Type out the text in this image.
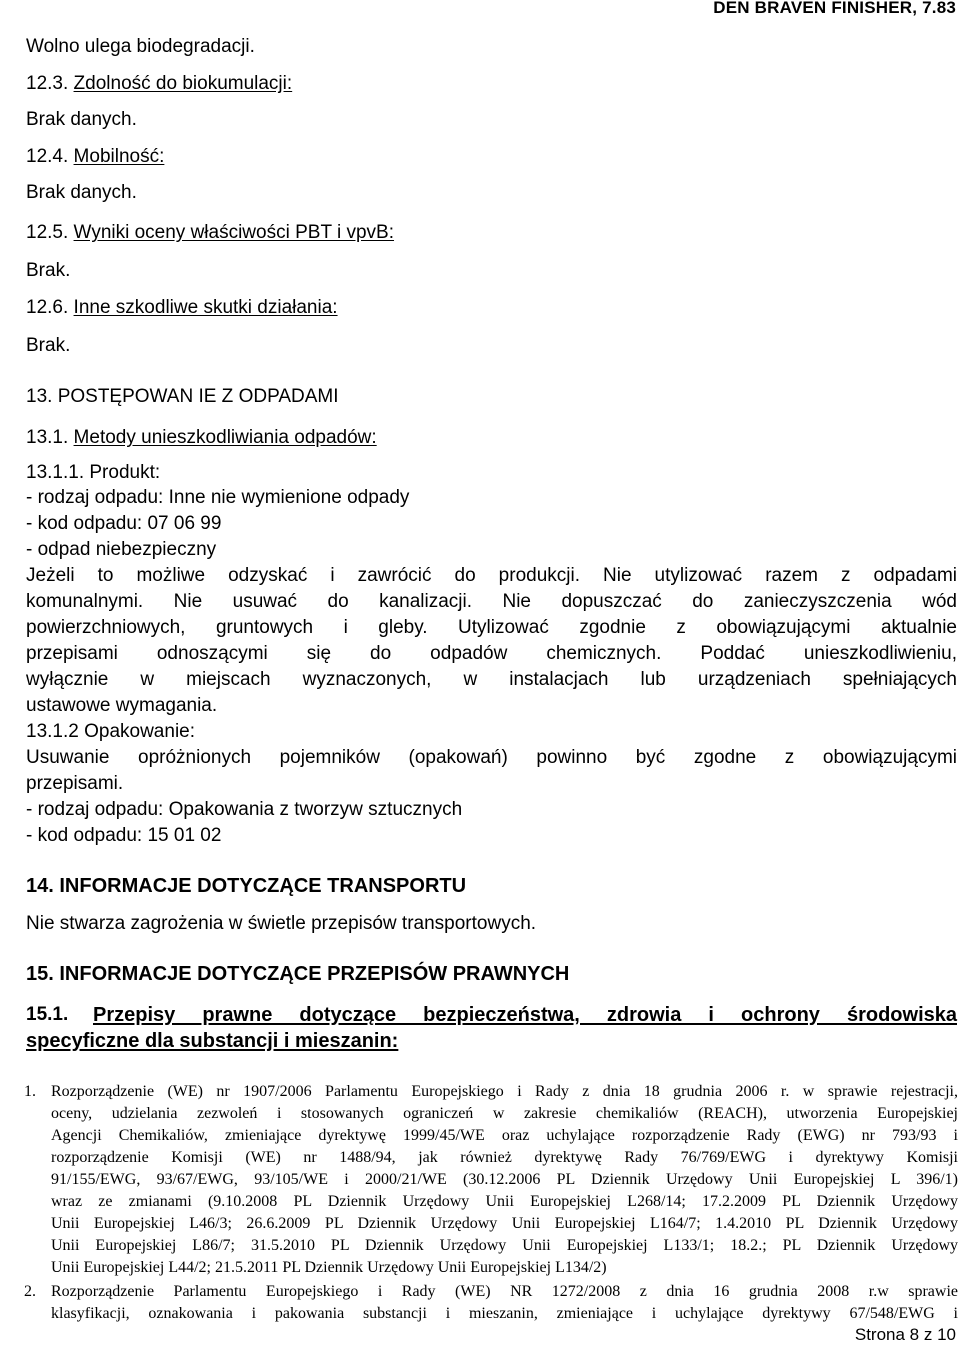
DEN BRAVEN FINISHER, 7.83
Wolno ulega biodegradacji.
12.3. Zdolność do biokumulacji:
Brak danych.
12.4. Mobilność:
Brak danych.
12.5. Wyniki oceny właściwości PBT i vpvB:
Brak.
12.6. Inne szkodliwe skutki działania:
Brak.
13. POSTĘPOWAN IE Z ODPADAMI
13.1. Metody unieszkodliwiania odpadów:
13.1.1. Produkt:
- rodzaj odpadu: Inne nie wymienione odpady
- kod odpadu: 07 06 99
- odpad niebezpieczny
Jeżeli to możliwe odzyskać i zawrócić do produkcji. Nie utylizować razem z odpadami
komunalnymi. Nie usuwać do kanalizacji. Nie dopuszczać do zanieczyszczenia wód
powierzchniowych, gruntowych i gleby. Utylizować zgodnie z obowiązującymi aktualnie
przepisami odnoszącymi się do odpadów chemicznych. Poddać unieszkodliwieniu,
wyłącznie w miejscach wyznaczonych, w instalacjach lub urządzeniach spełniających
ustawowe wymagania.
13.1.2 Opakowanie:
Usuwanie opróżnionych pojemników (opakowań) powinno być zgodne z obowiązującymi
przepisami.
- rodzaj odpadu: Opakowania z tworzyw sztucznych
- kod odpadu: 15 01 02
14. INFORMACJE DOTYCZĄCE TRANSPORTU
Nie stwarza zagrożenia w świetle przepisów transportowych.
15. INFORMACJE DOTYCZĄCE PRZEPISÓW PRAWNYCH
15.1. Przepisy prawne dotyczące bezpieczeństwa, zdrowia i ochrony środowiska
specyficzne dla substancji i mieszanin:
1. Rozporządzenie (WE) nr 1907/2006 Parlamentu Europejskiego i Rady z dnia 18 grudnia 2006 r. w sprawie rejestracji,
oceny, udzielania zezwoleń i stosowanych ograniczeń w zakresie chemikaliów (REACH), utworzenia Europejskiej
Agencji Chemikaliów, zmieniające dyrektywę 1999/45/WE oraz uchylające rozporządzenie Rady (EWG) nr 793/93 i
rozporządzenie Komisji (WE) nr 1488/94, jak również dyrektywę Rady 76/769/EWG i dyrektywy Komisji
91/155/EWG, 93/67/EWG, 93/105/WE i 2000/21/WE (30.12.2006 PL Dziennik Urzędowy Unii Europejskiej L 396/1)
wraz ze zmianami (9.10.2008 PL Dziennik Urzędowy Unii Europejskiej L268/14; 17.2.2009 PL Dziennik Urzędowy
Unii Europejskiej L46/3; 26.6.2009 PL Dziennik Urzędowy Unii Europejskiej L164/7; 1.4.2010 PL Dziennik Urzędowy
Unii Europejskiej L86/7; 31.5.2010 PL Dziennik Urzędowy Unii Europejskiej L133/1; 18.2.; PL Dziennik Urzędowy
Unii Europejskiej L44/2; 21.5.2011 PL Dziennik Urzędowy Unii Europejskiej L134/2)
2. Rozporządzenie Parlamentu Europejskiego i Rady (WE) NR 1272/2008 z dnia 16 grudnia 2008 r.w sprawie
klasyfikacji, oznakowania i pakowania substancji i mieszanin, zmieniające i uchylające dyrektywy 67/548/EWG i
Strona 8 z 10
